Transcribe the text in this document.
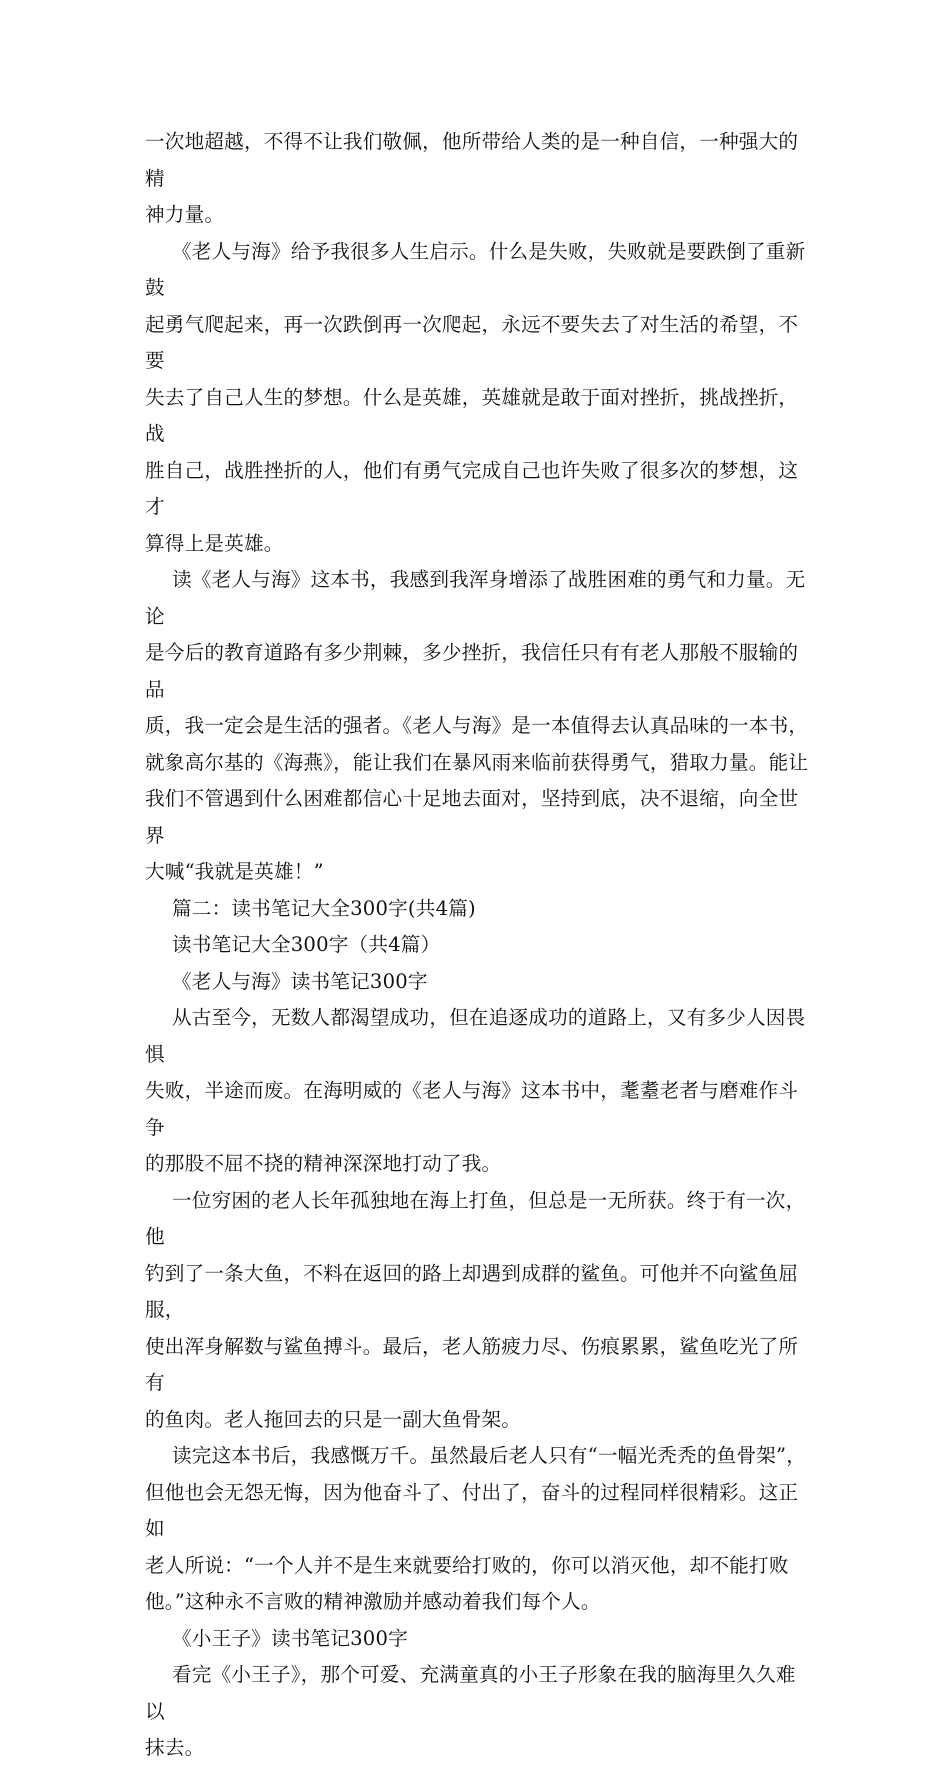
一次地超越，不得不让我们敬佩，他所带给人类的是一种自信，一种强大的精

神力量。

《老人与海》给予我很多人生启示。什么是失败，失败就是要跌倒了重新鼓

起勇气爬起来，再一次跌倒再一次爬起，永远不要失去了对生活的希望，不要

失去了自己人生的梦想。什么是英雄，英雄就是敢于面对挫折，挑战挫折，战

胜自己，战胜挫折的人，他们有勇气完成自己也许失败了很多次的梦想，这才

算得上是英雄。

读《老人与海》这本书，我感到我浑身增添了战胜困难的勇气和力量。无论

是今后的教育道路有多少荆棘，多少挫折，我信任只有有老人那般不服输的品

质，我一定会是生活的强者。《老人与海》是一本值得去认真品味的一本书，

就象高尔基的《海燕》，能让我们在暴风雨来临前获得勇气，猎取力量。能让

我们不管遇到什么困难都信心十足地去面对，坚持到底，决不退缩，向全世界

大喊“我就是英雄！”

篇二：读书笔记大全300字(共4篇)

读书笔记大全300字（共4篇）

《老人与海》读书笔记300字

从古至今，无数人都渴望成功，但在追逐成功的道路上，又有多少人因畏惧

失败，半途而废。在海明威的《老人与海》这本书中，耄耋老者与磨难作斗争

的那股不屈不挠的精神深深地打动了我。

一位穷困的老人长年孤独地在海上打鱼，但总是一无所获。终于有一次，他

钓到了一条大鱼，不料在返回的路上却遇到成群的鲨鱼。可他并不向鲨鱼屈服，

使出浑身解数与鲨鱼搏斗。最后，老人筋疲力尽、伤痕累累，鲨鱼吃光了所有

的鱼肉。老人拖回去的只是一副大鱼骨架。

读完这本书后，我感慨万千。虽然最后老人只有“一幅光秃秃的鱼骨架”，

但他也会无怨无悔，因为他奋斗了、付出了，奋斗的过程同样很精彩。这正如

老人所说：“一个人并不是生来就要给打败的，你可以消灭他，却不能打败

他。”这种永不言败的精神激励并感动着我们每个人。

《小王子》读书笔记300字

看完《小王子》，那个可爱、充满童真的小王子形象在我的脑海里久久难以

抹去。
